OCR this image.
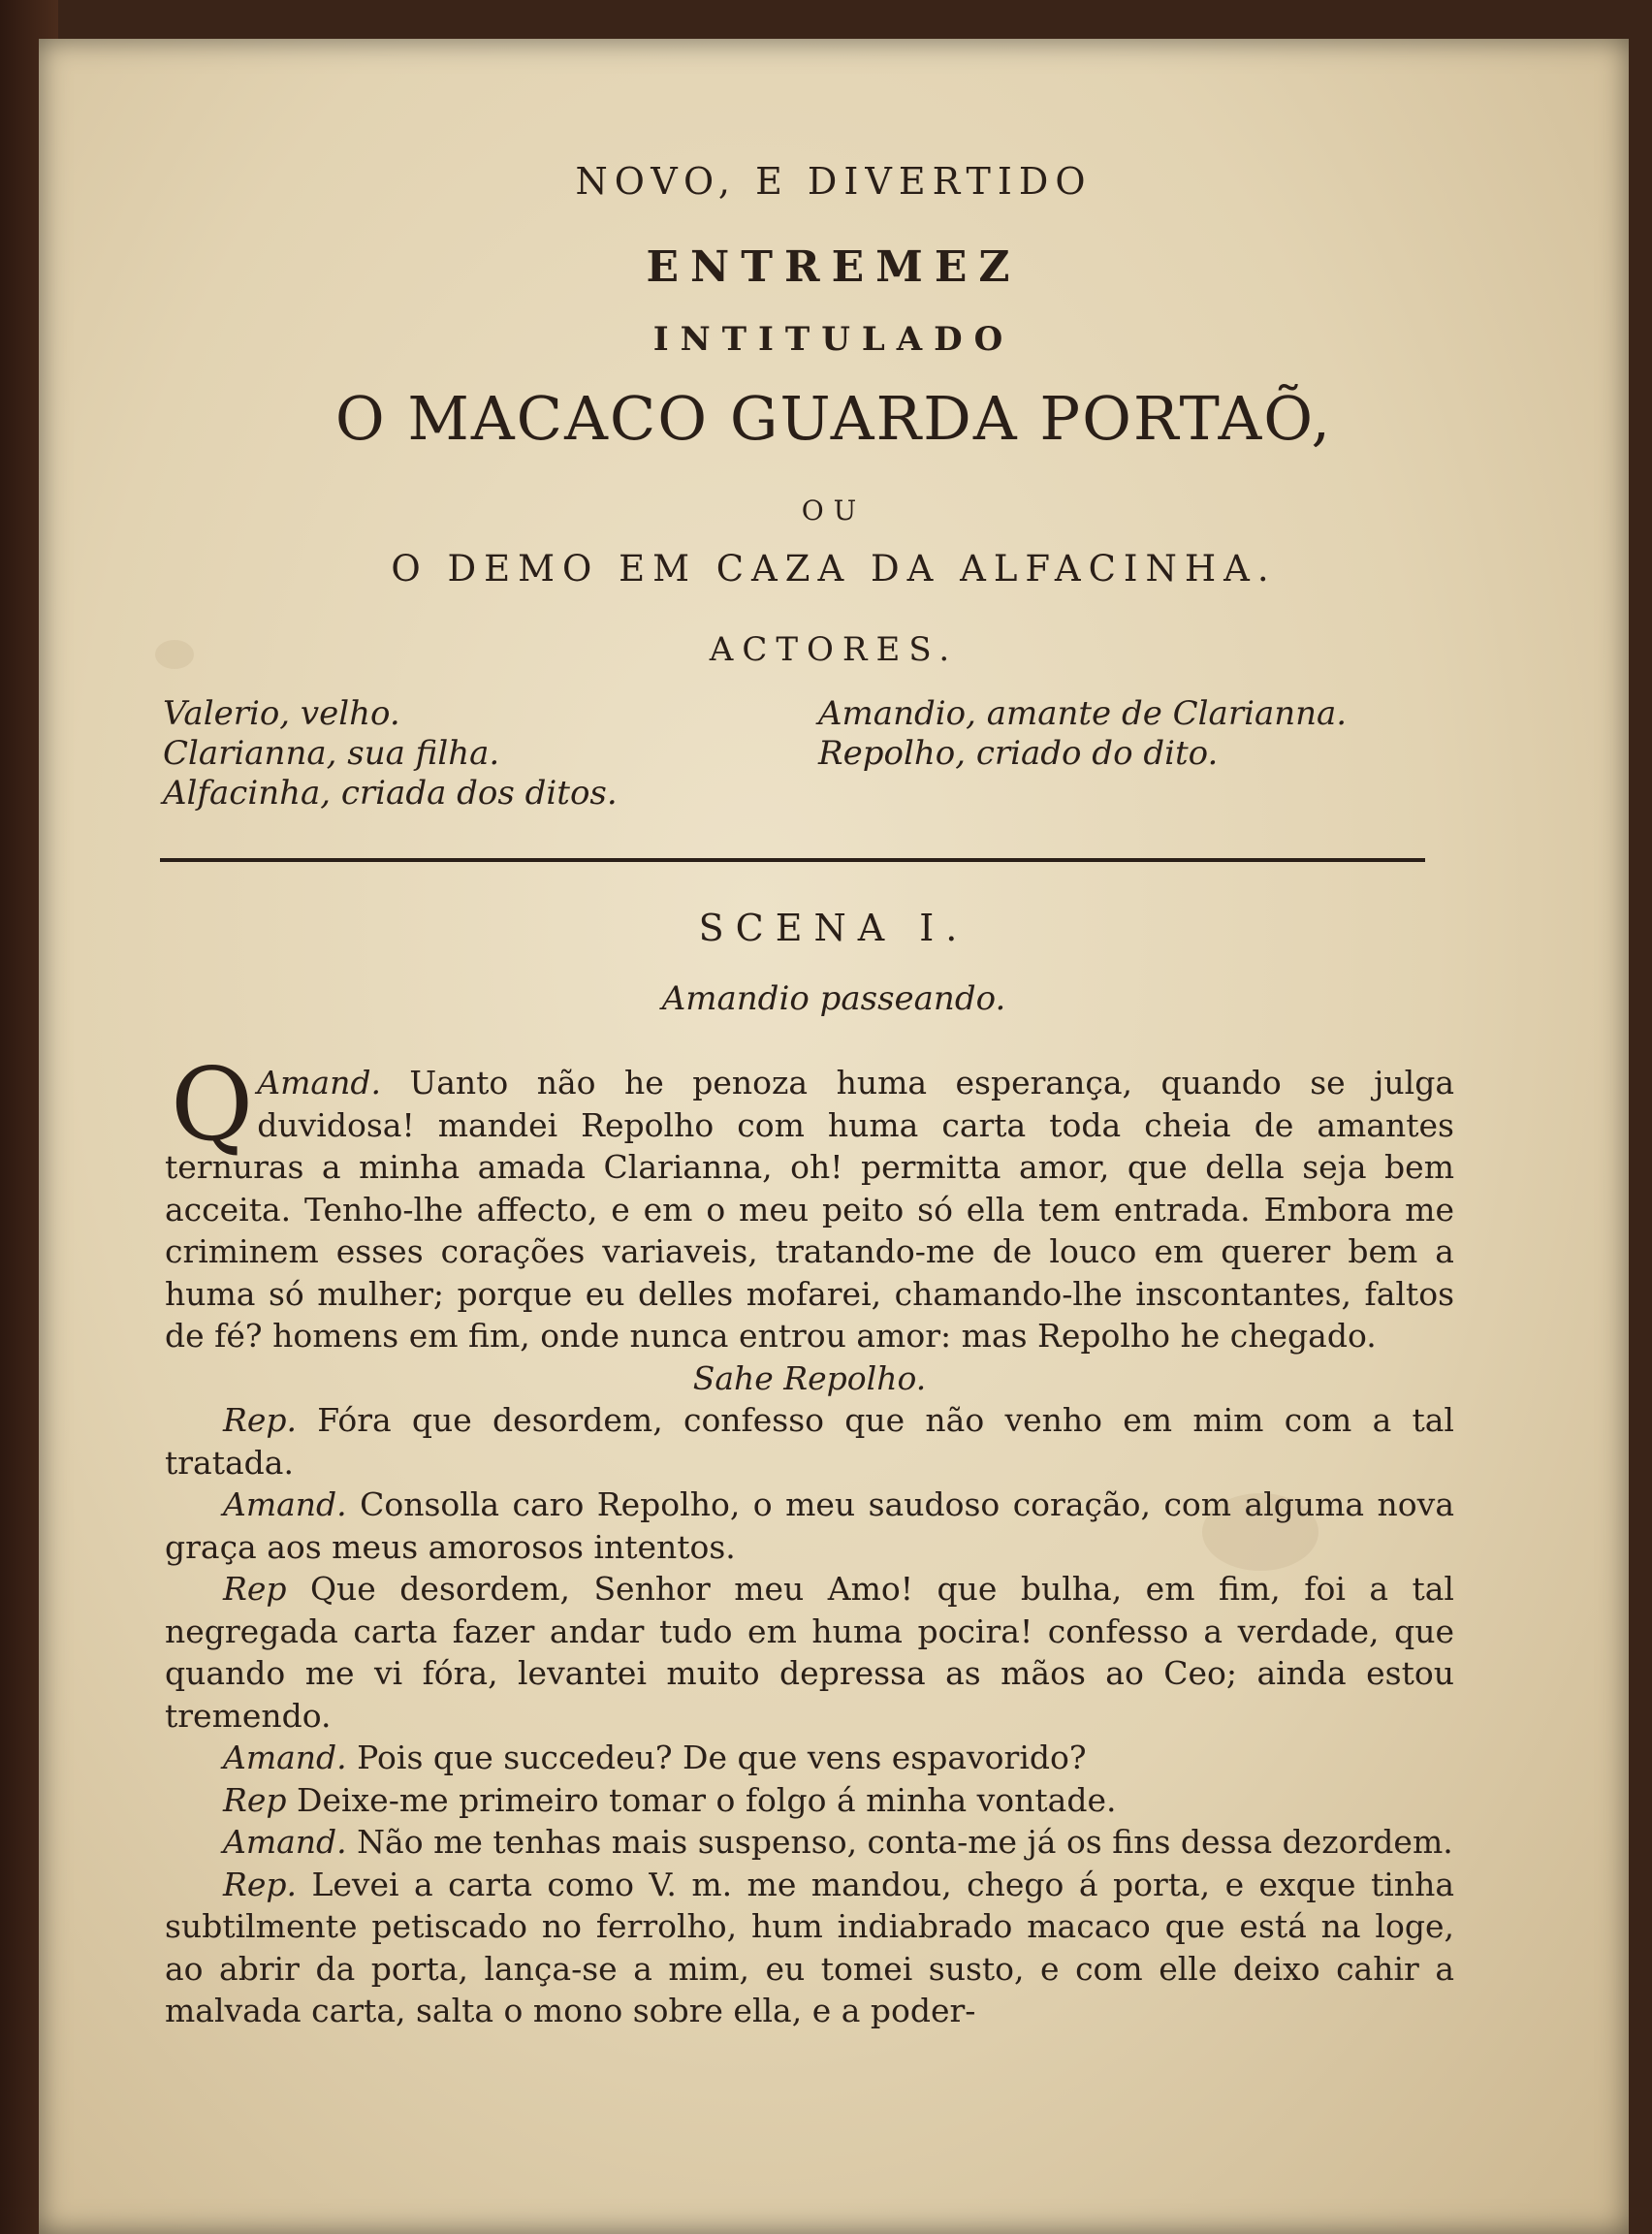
NOVO, E DIVERTIDO
ENTREMEZ
INTITULADO
O MACACO GUARDA PORTAÕ,
OU
O DEMO EM CAZA DA ALFACINHA.
ACTORES.
Valerio, velho.
Clarianna, sua filha.
Alfacinha, criada dos ditos.
Amandio, amante de Clarianna.
Repolho, criado do dito.
SCENA I.
Amandio passeando.

Amand.
Q	Uanto não he penoza huma esperança, quando se julga duvidosa! mandei Repolho com huma carta toda cheia de amantes ternuras a minha amada Clarianna, oh! permitta amor, que della seja bem acceita. Tenho-lhe affecto, e em o meu peito só ella tem entrada. Embora me criminem esses corações variaveis, tratando-me de louco em querer bem a huma só mulher; porque eu delles mofarei, chamando-lhe inscontantes, faltos de fé? homens em fim, onde nunca entrou amor: mas Repolho he chegado.

Sahe Repolho.

Rep. Fóra que desordem, confesso que não venho em mim com a tal tratada.

Amand. Consolla caro Repolho, o meu saudoso coração, com alguma nova graça aos meus amorosos intentos.

Rep Que desordem, Senhor meu Amo! que bulha, em fim, foi a tal negregada carta fazer andar tudo em huma pocira! confesso a verdade, que quando me vi fóra, levantei muito depressa as mãos ao Ceo; ainda estou tremendo.

Amand. Pois que succedeu? De que vens espavorido?

Rep Deixe-me primeiro tomar o folgo á minha vontade.

Amand. Não me tenhas mais suspenso, conta-me já os fins dessa dezordem.

Rep. Levei a carta como V. m. me mandou, chego á porta, e exque tinha subtilmente petiscado no ferrolho, hum indiabrado macaco que está na loge, ao abrir da porta, lança-se a mim, eu tomei susto, e com elle deixo cahir a malvada carta, salta o mono sobre ella, e a poder-
